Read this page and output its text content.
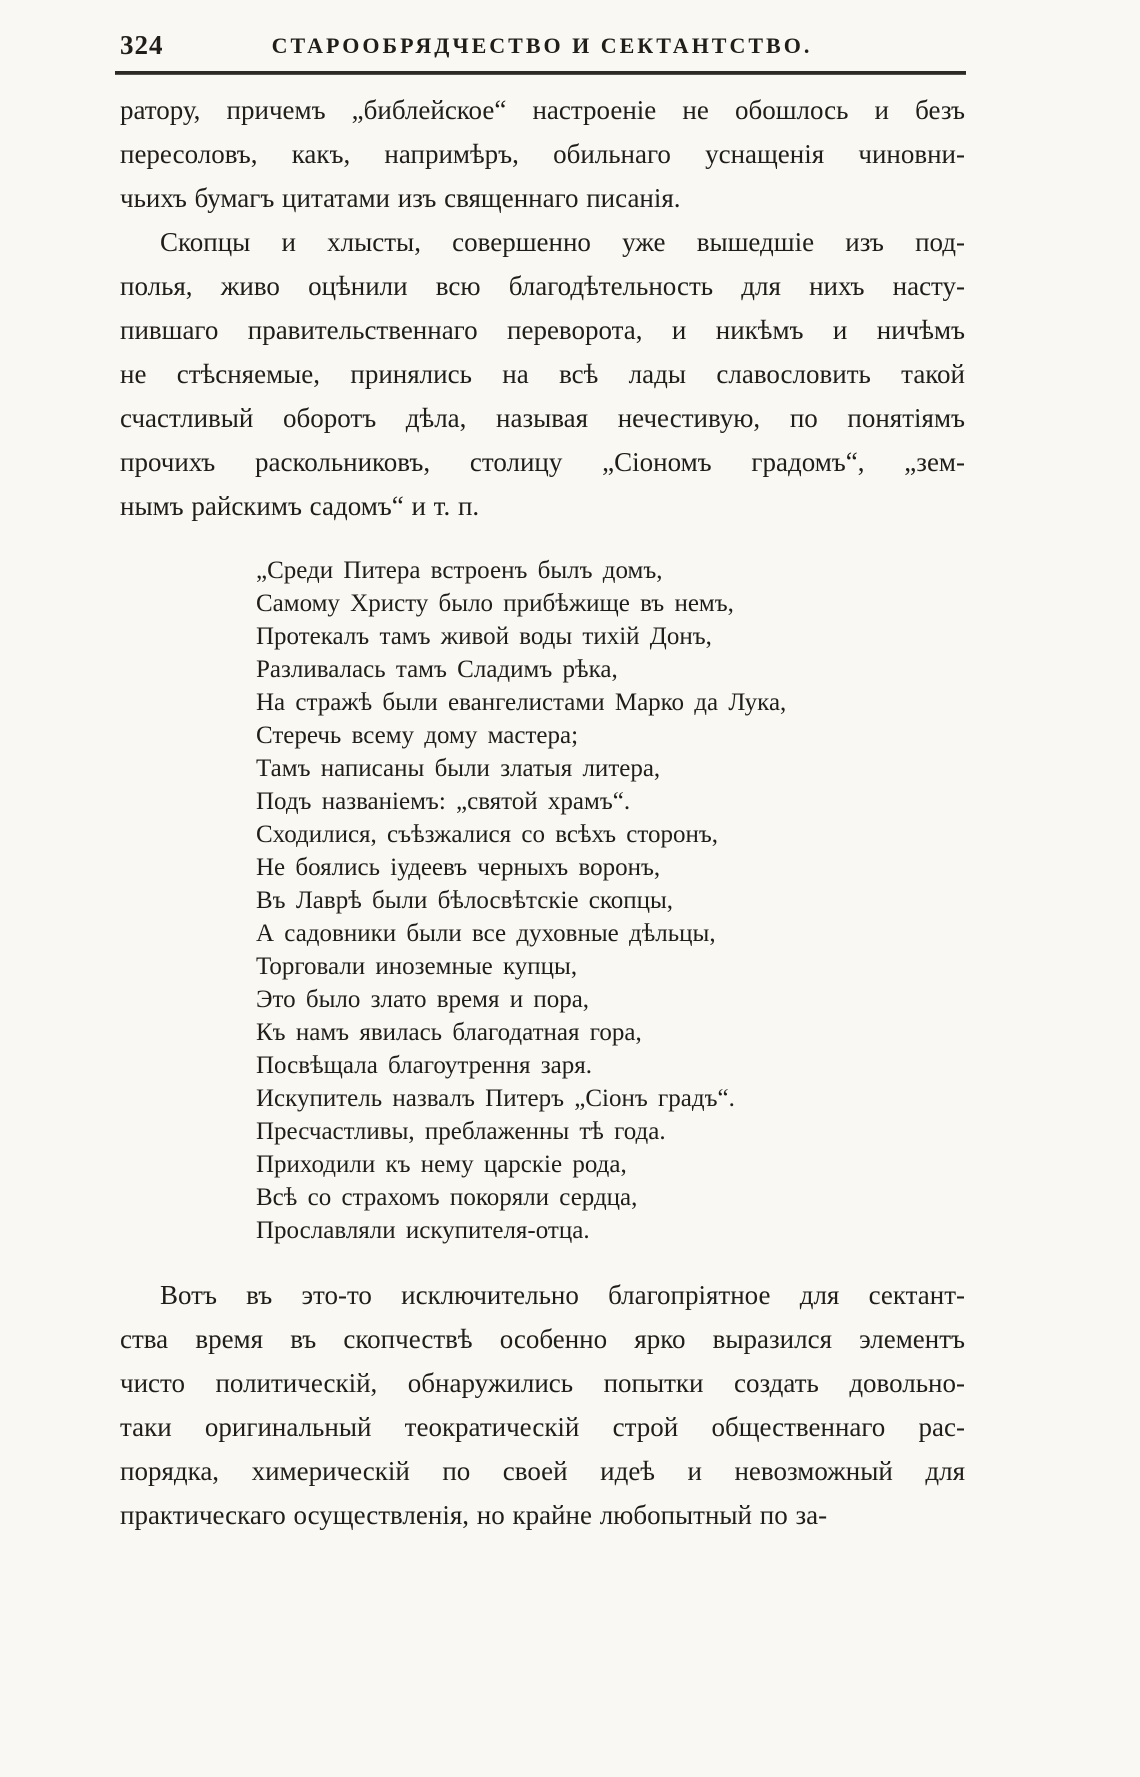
324	СТАРООБРЯДЧЕСТВО И СЕКТАНТСТВО.
ратору, причемъ „библейское“ настроеніе не обошлось и безъ
пересоловъ, какъ, напримѣръ, обильнаго уснащенія чиновни-
чьихъ бумагъ цитатами изъ священнаго писанія.
Скопцы и хлысты, совершенно уже вышедшіе изъ под-
полья, живо оцѣнили всю благодѣтельность для нихъ насту-
пившаго правительственнаго переворота, и никѣмъ и ничѣмъ
не стѣсняемые, принялись на всѣ лады славословить такой
счастливый оборотъ дѣла, называя нечестивую, по понятіямъ
прочихъ раскольниковъ, столицу „Сіономъ градомъ“, „зем-
нымъ райскимъ садомъ“ и т. п.
„Среди Питера встроенъ былъ домъ,
Самому Христу было прибѣжище въ немъ,
Протекалъ тамъ живой воды тихій Донъ,
Разливалась тамъ Сладимъ рѣка,
На стражѣ были евангелистами Марко да Лука,
Стеречь всему дому мастера;
Тамъ написаны были златыя литера,
Подъ названіемъ: „святой храмъ“.
Сходилися, съѣзжалися со всѣхъ сторонъ,
Не боялись іудеевъ черныхъ воронъ,
Въ Лаврѣ были бѣлосвѣтскіе скопцы,
А садовники были все духовные дѣльцы,
Торговали иноземные купцы,
Это было злато время и пора,
Къ намъ явилась благодатная гора,
Посвѣщала благоутрення заря.
Искупитель назвалъ Питеръ „Сіонъ градъ“.
Пресчастливы, преблаженны тѣ года.
Приходили къ нему царскіе рода,
Всѣ со страхомъ покоряли сердца,
Прославляли искупителя-отца.
Вотъ въ это-то исключительно благопріятное для сектант-
ства время въ скопчествѣ особенно ярко выразился элементъ
чисто политическій, обнаружились попытки создать довольно-
таки оригинальный теократическій строй общественнаго рас-
порядка, химерическій по своей идеѣ и невозможный для
практическаго осуществленія, но крайне любопытный по за-
